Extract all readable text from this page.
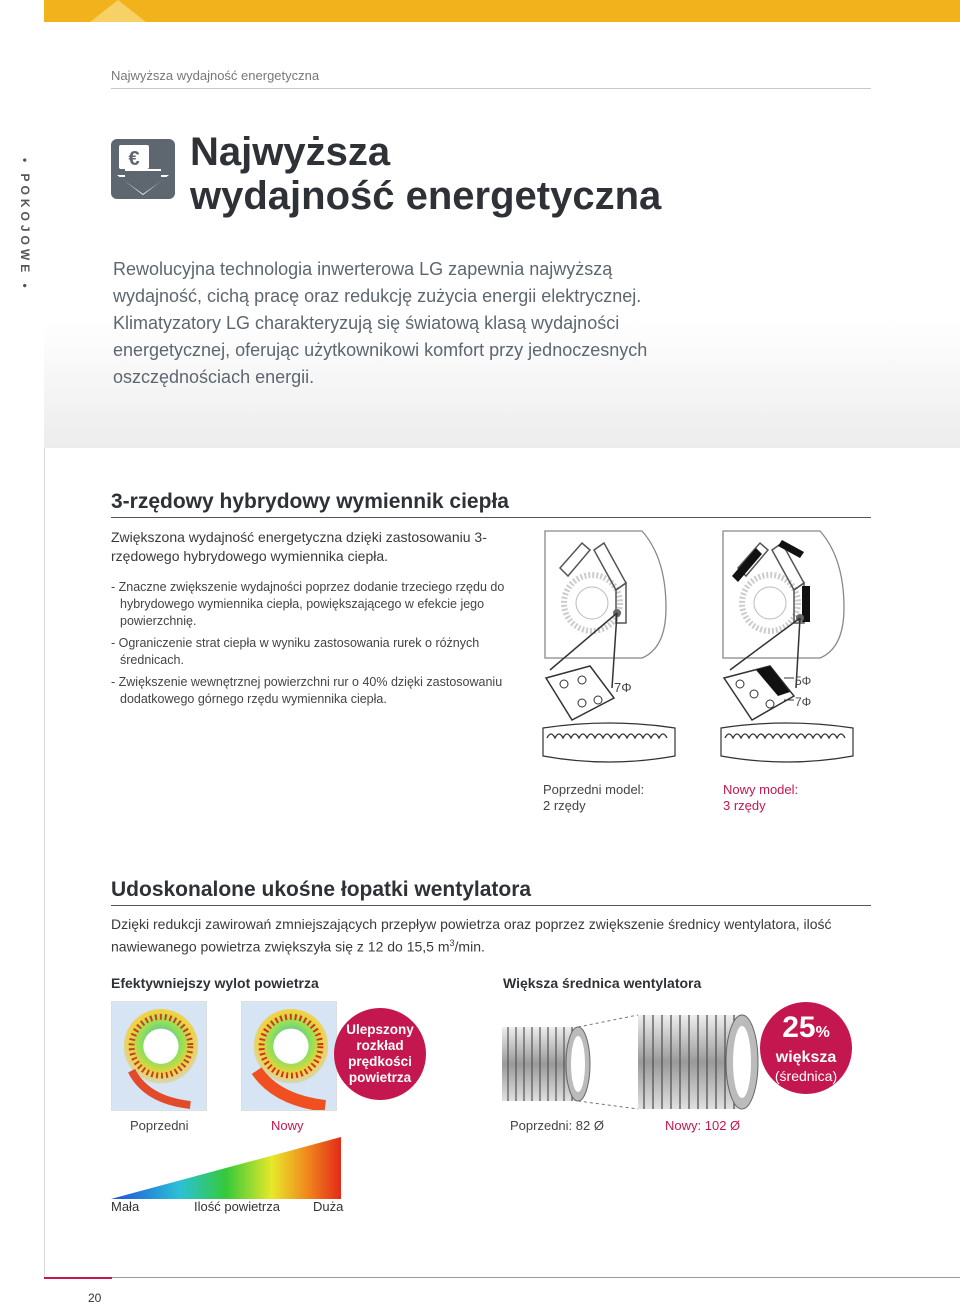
Najwyższa wydajność energetyczna
• POKOJOWE •	€ Najwyższa
wydajność energetyczna
Rewolucyjna technologia inwerterowa LG zapewnia najwyższą wydajność, cichą pracę oraz redukcję zużycia energii elektrycznej. Klimatyzatory LG charakteryzują się światową klasą wydajności energetycznej, oferując użytkownikowi komfort przy jednoczesnych oszczędnościach energii.
3-rzędowy hybrydowy wymiennik ciepła
Zwiększona wydajność energetyczna dzięki zastosowaniu 3-rzędowego hybrydowego wymiennika ciepła.
- Znaczne zwiększenie wydajności poprzez dodanie trzeciego rzędu do hybrydowego wymiennika ciepła, powiększającego w efekcie jego powierzchnię.
- Ograniczenie strat ciepła w wyniku zastosowania rurek o różnych średnicach.
- Zwiększenie wewnętrznej powierzchni rur o 40% dzięki zastosowaniu dodatkowego górnego rzędu wymiennika ciepła.
7Φ	5Φ
7Φ
Poprzedni model:
2 rzędy
Nowy model:
3 rzędy
Udoskonalone ukośne łopatki wentylatora
Dzięki redukcji zawirowań zmniejszających przepływ powietrza oraz poprzez zwiększenie średnicy wentylatora, ilość nawiewanego powietrza zwiększyła się z 12 do 15,5 $m^3/\min$.
Efektywniejszy wylot powietrza	Większa średnica wentylatora
Ulepszony
rozkład
prędkości
powietrza
Poprzedni	Nowy
25%
większa
(średnica)
Poprzedni: 82 Ø	Nowy: 102 Ø
Mała	Ilość powietrza	Duża
20
